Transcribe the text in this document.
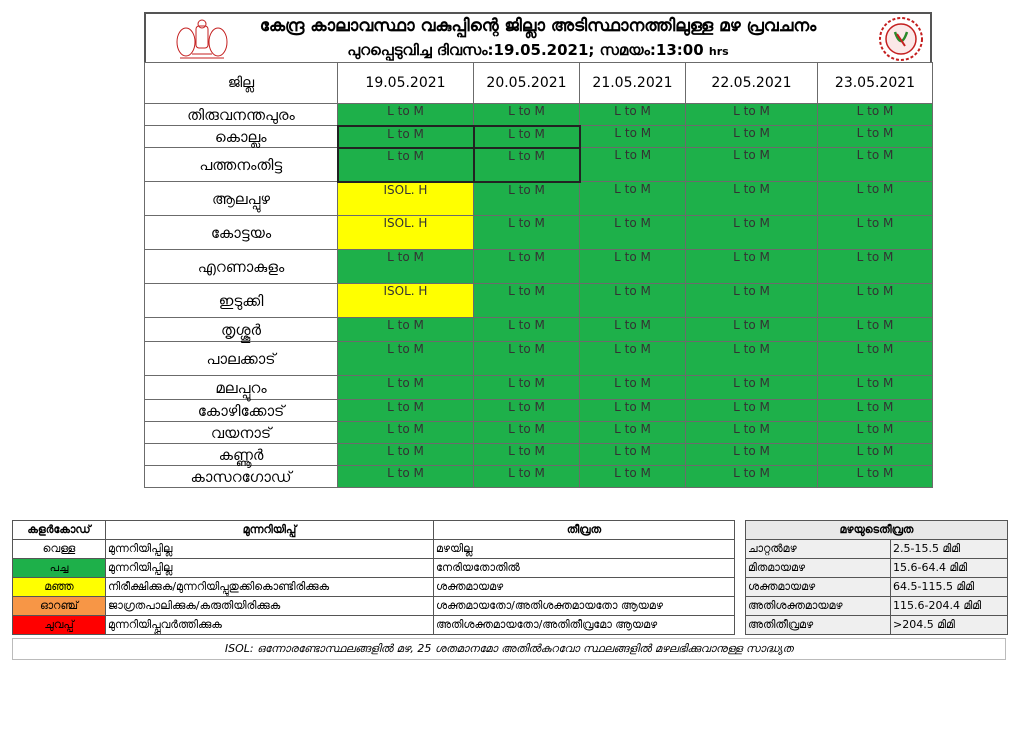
കേന്ദ്ര കാലാവസ്ഥാ വകുപ്പിന്റെ ജില്ലാ അടിസ്ഥാനത്തിലുള്ള മഴ പ്രവചനം
പുറപ്പെടുവിച്ച ദിവസം:19.05.2021; സമയം:13:00 hrs
ജില്ല	19.05.2021	20.05.2021	21.05.2021	22.05.2021	23.05.2021
തിരുവനന്തപുരം	L to M	L to M	L to M	L to M	L to M
കൊല്ലം	L to M	L to M	L to M	L to M	L to M
പത്തനംതിട്ട	L to M	L to M	L to M	L to M	L to M
ആലപ്പുഴ	ISOL. H	L to M	L to M	L to M	L to M
കോട്ടയം	ISOL. H	L to M	L to M	L to M	L to M
എറണാകുളം	L to M	L to M	L to M	L to M	L to M
ഇടുക്കി	ISOL. H	L to M	L to M	L to M	L to M
തൃശ്ശൂർ	L to M	L to M	L to M	L to M	L to M
പാലക്കാട്	L to M	L to M	L to M	L to M	L to M
മലപ്പുറം	L to M	L to M	L to M	L to M	L to M
കോഴിക്കോട്	L to M	L to M	L to M	L to M	L to M
വയനാട്	L to M	L to M	L to M	L to M	L to M
കണ്ണൂർ	L to M	L to M	L to M	L to M	L to M
കാസറഗോഡ്	L to M	L to M	L to M	L to M	L to M
കളർകോഡ്	മുന്നറിയിപ്പ്	തീവ്രത
വെള്ള	മുന്നറിയിപ്പില്ല	മഴയില്ല
പച്ച	മുന്നറിയിപ്പില്ല	നേരിയതോതിൽ
മഞ്ഞ	നിരീക്ഷിക്കുക/മുന്നറിയിപ്പുതുക്കികൊണ്ടിരിക്കുക	ശക്തമായമഴ
ഓറഞ്ച്	ജാഗ്രതപാലിക്കുക/കരുതിയിരിക്കുക	ശക്തമായതോ/അതിശക്തമായതോ ആയമഴ
ചുവപ്പ്	മുന്നറിയിപ്പ്പ്രവർത്തിക്കുക	അതിശക്തമായതോ/അതിതീവ്രമോ ആയമഴ
മഴയുടെതീവ്രത	
ചാറ്റൽമഴ	2.5-15.5 മിമി
മിതമായമഴ	15.6-64.4 മിമി
ശക്തമായമഴ	64.5-115.5 മിമി
അതിശക്തമായമഴ	115.6-204.4 മിമി
അതിതീവ്രമഴ	>204.5 മിമി
ISOL: ഒന്നോരണ്ടോസ്ഥലങ്ങളിൽ മഴ, 25 ശതമാനമോ അതിൽകുറവോ സ്ഥലങ്ങളിൽ മഴലഭിക്കുവാനുള്ള സാദ്ധ്യത
